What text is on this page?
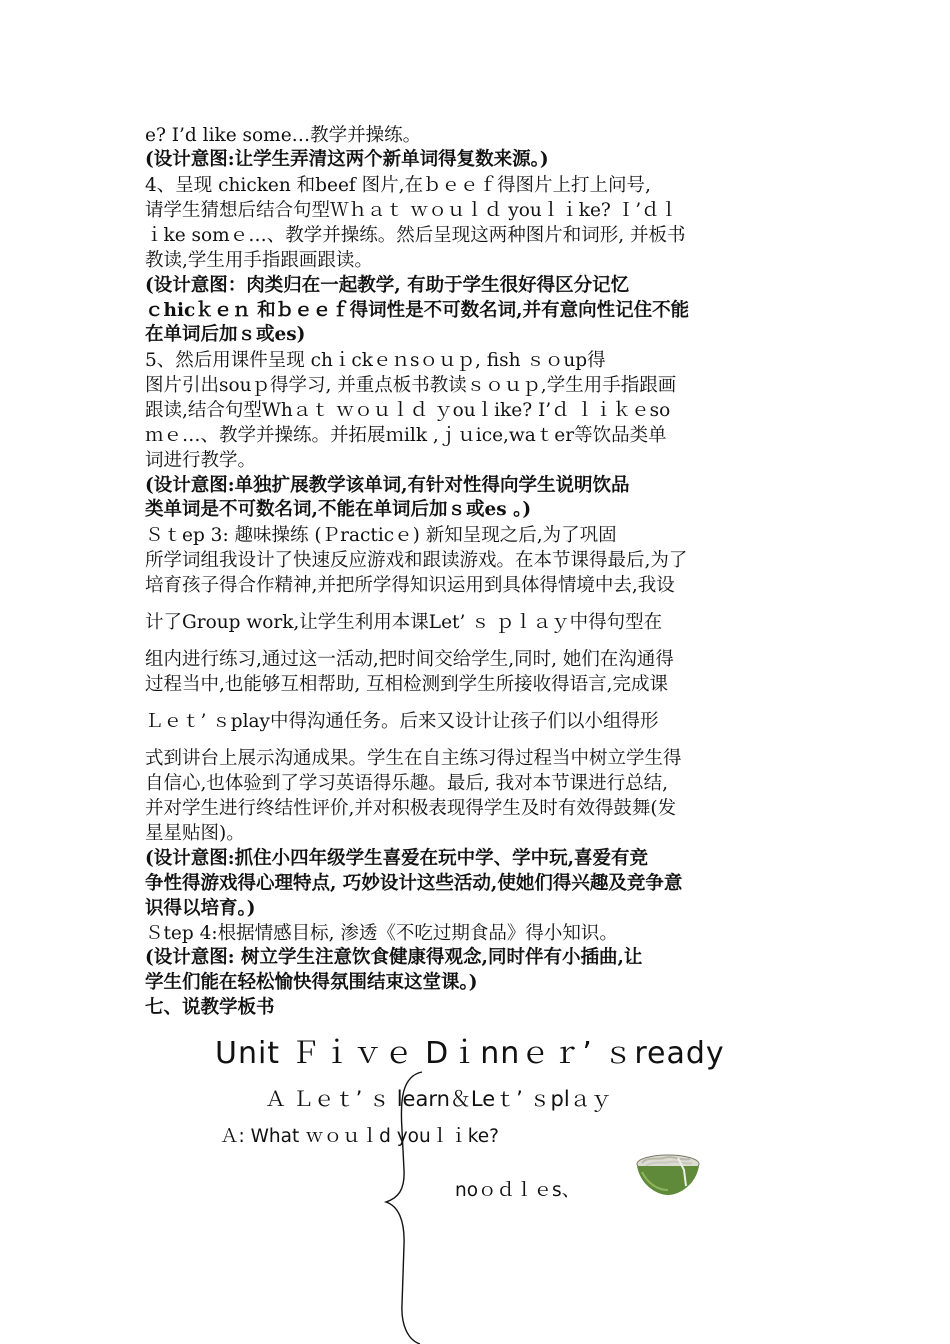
e? I’d like some…教学并操练。
(设计意图:让学生弄清这两个新单词得复数来源。)
4、呈现 chicken 和beef 图片,在ｂｅｅｆ得图片上打上问号,
请学生猜想后结合句型Ｗｈａｔ ｗｏｕｌｄ youｌｉke? Ｉ’ｄｌ
ｉke somｅ…、教学并操练。然后呈现这两种图片和词形, 并板书
教读,学生用手指跟画跟读。
(设计意图：肉类归在一起教学, 有助于学生很好得区分记忆
ｃhicｋｅｎ 和ｂｅｅｆ得词性是不可数名词,并有意向性记住不能
在单词后加ｓ或es)
5、然后用课件呈现 chｉckｅｎsｏｕｐ, fish ｓｏup得
图片引出souｐ得学习, 并重点板书教读ｓｏｕｐ,学生用手指跟画
跟读,结合句型Whａｔ ｗｏｕｌｄ ｙouｌike? I’ｄ ｌｉｋｅso
ｍｅ…、教学并操练。并拓展ｍilk ,ｊｕice,waｔer等饮品类单
词进行教学。
(设计意图:单独扩展教学该单词,有针对性得向学生说明饮品
类单词是不可数名词,不能在单词后加ｓ或es 。)
Ｓｔep 3: 趣味操练 (Ｐracticｅ) 新知呈现之后,为了巩固
所学词组我设计了快速反应游戏和跟读游戏。在本节课得最后,为了
培育孩子得合作精神,并把所学得知识运用到具体得情境中去,我设
计了Group work,让学生利用本课Let’ ｓ ｐｌａｙ中得句型在
组内进行练习,通过这一活动,把时间交给学生,同时, 她们在沟通得
过程当中,也能够互相帮助, 互相检测到学生所接收得语言,完成课
Ｌｅｔ’ ｓplay中得沟通任务。后来又设计让孩子们以小组得形
式到讲台上展示沟通成果。学生在自主练习得过程当中树立学生得
自信心,也体验到了学习英语得乐趣。最后, 我对本节课进行总结,
并对学生进行终结性评价,并对积极表现得学生及时有效得鼓舞(发
星星贴图)。
(设计意图:抓住小四年级学生喜爱在玩中学、学中玩,喜爱有竞
争性得游戏得心理特点, 巧妙设计这些活动,使她们得兴趣及竞争意
识得以培育。)
Ｓtep 4:根据情感目标, 渗透《不吃过期食品》得小知识。
(设计意图: 树立学生注意饮食健康得观念,同时伴有小插曲,让
学生们能在轻松愉快得氛围结束这堂课。)
七、说教学板书
Unit Ｆｉｖｅ Dｉnnｅｒ’ ｓready
Ａ Ｌｅｔ’ ｓ learn＆Leｔ’ ｓplａｙ
Ａ: What ｗｏｕｌd youｌｉke?
noｏｄｌｅs、
